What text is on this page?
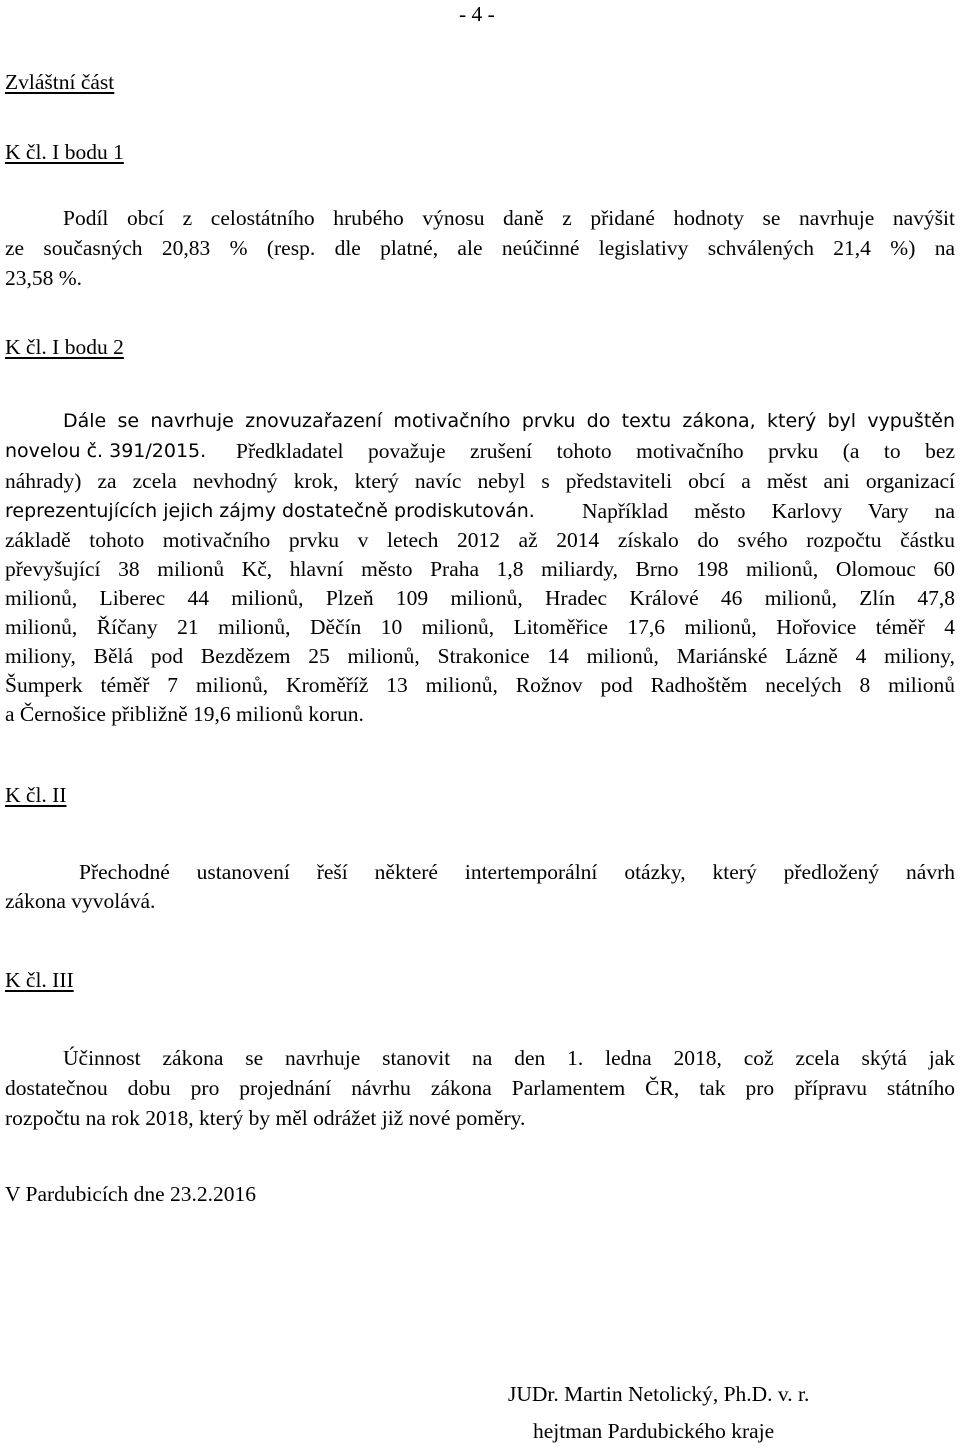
- 4 -
Zvláštní část
K čl. I bodu 1
Podíl obcí z celostátního hrubého výnosu daně z přidané hodnoty se navrhuje navýšit
ze současných 20,83 % (resp. dle platné, ale neúčinné legislativy schválených 21,4 %) na
23,58 %.
K čl. I bodu 2
Dále se navrhuje znovuzařazení motivačního prvku do textu zákona, který byl vypuštěn
novelou č. 391/2015. Předkladatel považuje zrušení tohoto motivačního prvku (a to bez
náhrady) za zcela nevhodný krok, který navíc nebyl s představiteli obcí a měst ani organizací
reprezentujících jejich zájmy dostatečně prodiskutován. Například město Karlovy Vary na
základě tohoto motivačního prvku v letech 2012 až 2014 získalo do svého rozpočtu částku
převyšující 38 milionů Kč, hlavní město Praha 1,8 miliardy, Brno 198 milionů, Olomouc 60
milionů, Liberec 44 milionů, Plzeň 109 milionů, Hradec Králové 46 milionů, Zlín 47,8
milionů, Říčany 21 milionů, Děčín 10 milionů, Litoměřice 17,6 milionů, Hořovice téměř 4
miliony, Bělá pod Bezdězem 25 milionů, Strakonice 14 milionů, Mariánské Lázně 4 miliony,
Šumperk téměř 7 milionů, Kroměříž 13 milionů, Rožnov pod Radhoštěm necelých 8 milionů
a Černošice přibližně 19,6 milionů korun.
K čl. II
Přechodné ustanovení řeší některé intertemporální otázky, který předložený návrh
zákona vyvolává.
K čl. III
Účinnost zákona se navrhuje stanovit na den 1. ledna 2018, což zcela skýtá jak
dostatečnou dobu pro projednání návrhu zákona Parlamentem ČR, tak pro přípravu státního
rozpočtu na rok 2018, který by měl odrážet již nové poměry.
V Pardubicích dne 23.2.2016
JUDr. Martin Netolický, Ph.D. v. r.
hejtman Pardubického kraje
